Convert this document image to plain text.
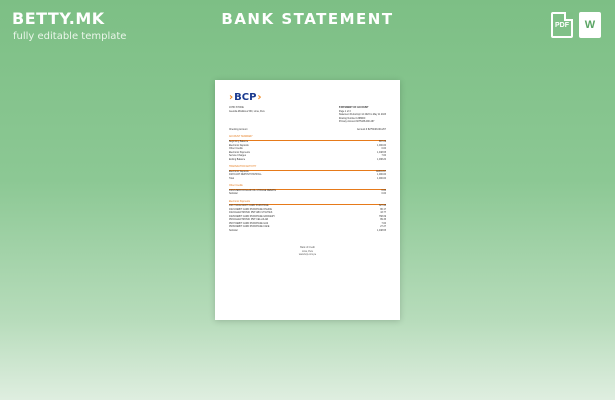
BETTY.MK
fully editable template
BANK STATEMENT	PDF	W
› BCP ›
JOHN STONE
Avenida Miraflores 530, Lima, Peru
STATEMENT OF ACCOUNT
Page 1 of 3
Statement Period Apr 12 2023 to May 11 2023
Routing Number 1398000
Primary Account 8275438-000-267
Checking Account	Account # 8275438-000-267
ACCOUNT SUMMARY
Beginning Balance	887.09
Electronic Deposits	1,000.00
Other Credits	0.00
Electronic Payments	1,048.65
Service Charges	7.00
Ending Balance	1,038.20
TRANSACTION ACTIVITY
Electronic Deposits	AMOUNT
04/15 ACH DEPOSIT PAYROLL	1,000.00
Total	1,000.00
Other Credits
04/18 ZERO DOLLAR OIL CHANGE REBATE	0.00
Subtotal	0.00
Electronic Payments
04/17 NICE MART CARD PURCHASE	327.68
04/21 DEBIT CARD PURCHASE ONLINE	86.17
04/24 ELECTRONIC PMT ABC UTILITIES	43.77
04/29 DEBIT CARD PURCHASE GROCERY	768.09
05/04 ELECTRONIC PMT CELLULAR	89.33
05/07 DEBIT CARD PURCHASE GAS	7.00
05/09 DEBIT CARD PURCHASE CAFE	27.27
Subtotal	1,048.65
Bank of Credit
Lima, Peru
www.bcp.com.pe
